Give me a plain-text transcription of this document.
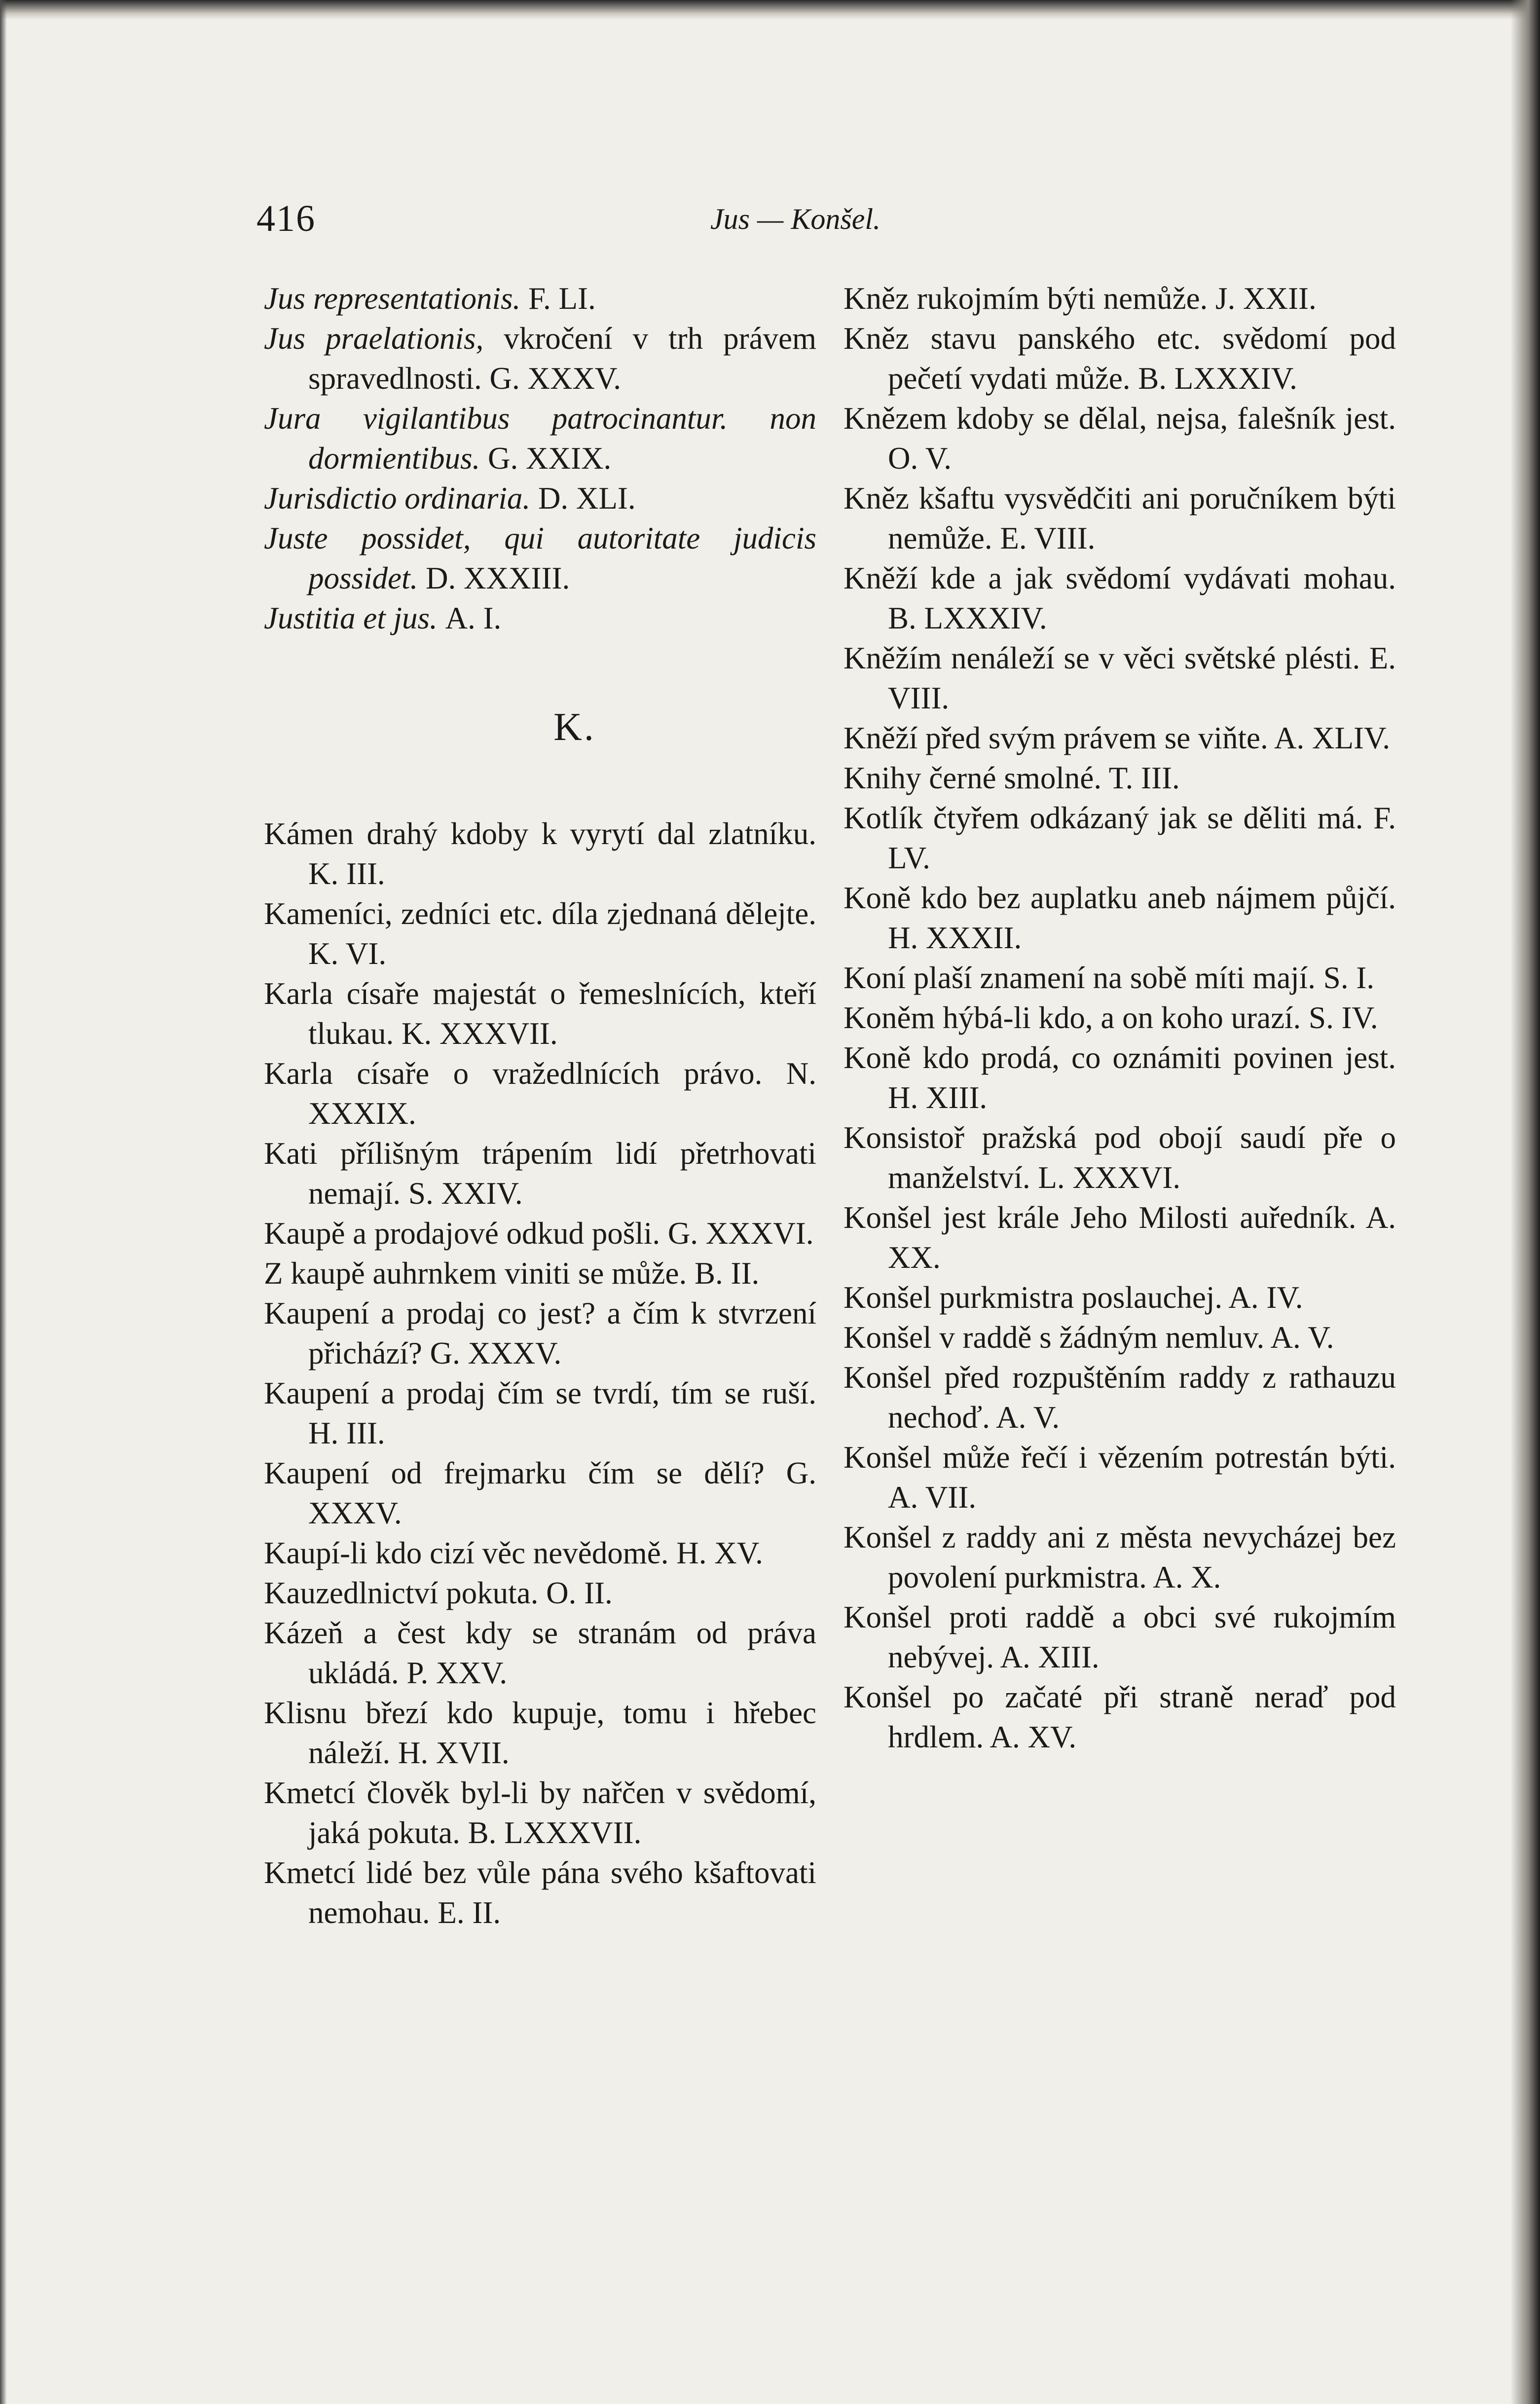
416	Jus — Konšel.
Jus representationis. F. LI.
Jus praelationis, vkročení v trh právem spravedlnosti. G. XXXV.
Jura vigilantibus patrocinantur. non dormientibus. G. XXIX.
Jurisdictio ordinaria. D. XLI.
Juste possidet, qui autoritate judicis possidet. D. XXXIII.
Justitia et jus. A. I.
K.
Kámen drahý kdoby k vyrytí dal zlatníku. K. III.
Kameníci, zedníci etc. díla zjednaná dělejte. K. VI.
Karla císaře majestát o řemeslnících, kteří tlukau. K. XXXVII.
Karla císaře o vražedlnících právo. N. XXXIX.
Kati přílišným trápením lidí přetrhovati nemají. S. XXIV.
Kaupě a prodajové odkud pošli. G. XXXVI.
Z kaupě auhrnkem viniti se může. B. II.
Kaupení a prodaj co jest? a čím k stvrzení přichází? G. XXXV.
Kaupení a prodaj čím se tvrdí, tím se ruší. H. III.
Kaupení od frejmarku čím se dělí? G. XXXV.
Kaupí-li kdo cizí věc nevědomě. H. XV.
Kauzedlnictví pokuta. O. II.
Kázeň a čest kdy se stranám od práva ukládá. P. XXV.
Klisnu březí kdo kupuje, tomu i hřebec náleží. H. XVII.
Kmetcí člověk byl-li by nařčen v svědomí, jaká pokuta. B. LXXXVII.
Kmetcí lidé bez vůle pána svého kšaftovati nemohau. E. II.
Kněz rukojmím býti nemůže. J. XXII.
Kněz stavu panského etc. svědomí pod pečetí vydati může. B. LXXXIV.
Knězem kdoby se dělal, nejsa, falešník jest. O. V.
Kněz kšaftu vysvědčiti ani poručníkem býti nemůže. E. VIII.
Kněží kde a jak svědomí vydávati mohau. B. LXXXIV.
Kněžím nenáleží se v věci světské plésti. E. VIII.
Kněží před svým právem se viňte. A. XLIV.
Knihy černé smolné. T. III.
Kotlík čtyřem odkázaný jak se děliti má. F. LV.
Koně kdo bez auplatku aneb nájmem půjčí. H. XXXII.
Koní plaší znamení na sobě míti mají. S. I.
Koněm hýbá-li kdo, a on koho urazí. S. IV.
Koně kdo prodá, co oznámiti povinen jest. H. XIII.
Konsistoř pražská pod obojí saudí pře o manželství. L. XXXVI.
Konšel jest krále Jeho Milosti auředník. A. XX.
Konšel purkmistra poslauchej. A. IV.
Konšel v raddě s žádným nemluv. A. V.
Konšel před rozpuštěním raddy z rathauzu nechoď. A. V.
Konšel může řečí i vězením potrestán býti. A. VII.
Konšel z raddy ani z města nevycházej bez povolení purkmistra. A. X.
Konšel proti raddě a obci své rukojmím nebývej. A. XIII.
Konšel po začaté při straně neraď pod hrdlem. A. XV.
